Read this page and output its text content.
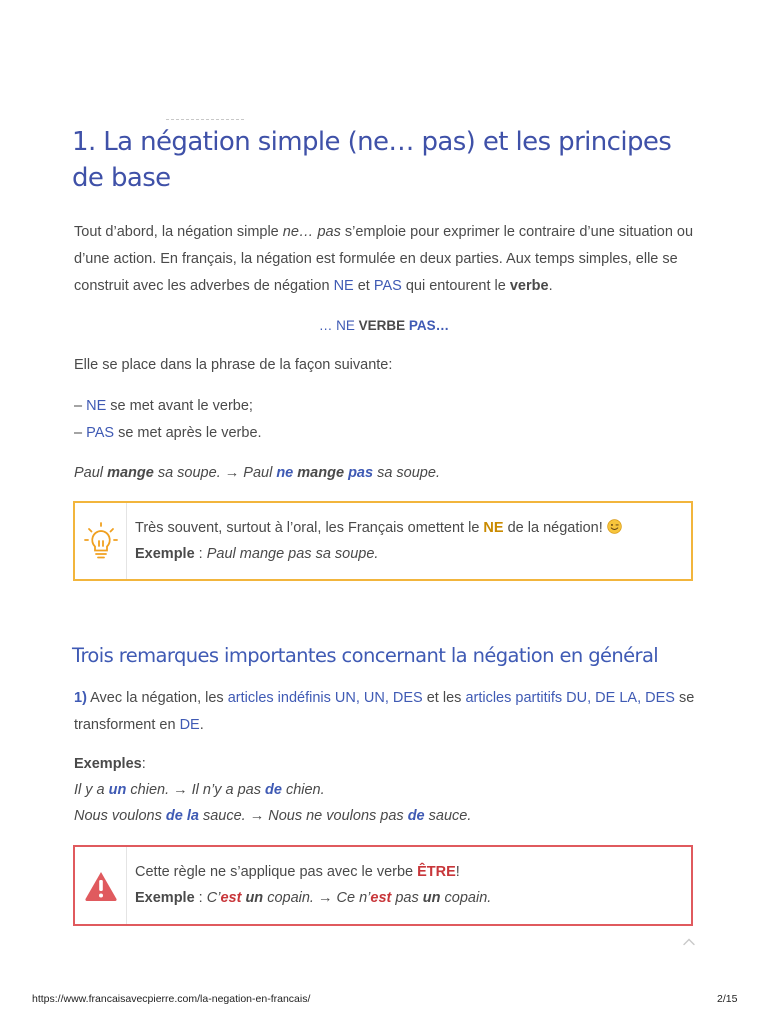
1. La négation simple (ne… pas) et les principes de base

Tout d’abord, la négation simple ne… pas s’emploie pour exprimer le contraire d’une situation ou d’une action. En français, la négation est formulée en deux parties. Aux temps simples, elle se construit avec les adverbes de négation NE et PAS qui entourent le verbe.

… NE VERBE PAS…

Elle se place dans la phrase de la façon suivante:

– NE se met avant le verbe;
– PAS se met après le verbe.

Paul mange sa soupe. → Paul ne mange pas sa soupe.

Très souvent, surtout à l’oral, les Français omettent le NE de la négation!
Exemple : Paul mange pas sa soupe.
Trois remarques importantes concernant la négation en général

1) Avec la négation, les articles indéfinis UN, UN, DES et les articles partitifs DU, DE LA, DES se transforment en DE.

Exemples:
Il y a un chien. → Il n’y a pas de chien.
Nous voulons de la sauce. → Nous ne voulons pas de sauce.

Cette règle ne s’applique pas avec le verbe ÊTRE!
Exemple : C’est un copain. → Ce n’est pas un copain.
https://www.francaisavecpierre.com/la-negation-en-francais/	2/15
